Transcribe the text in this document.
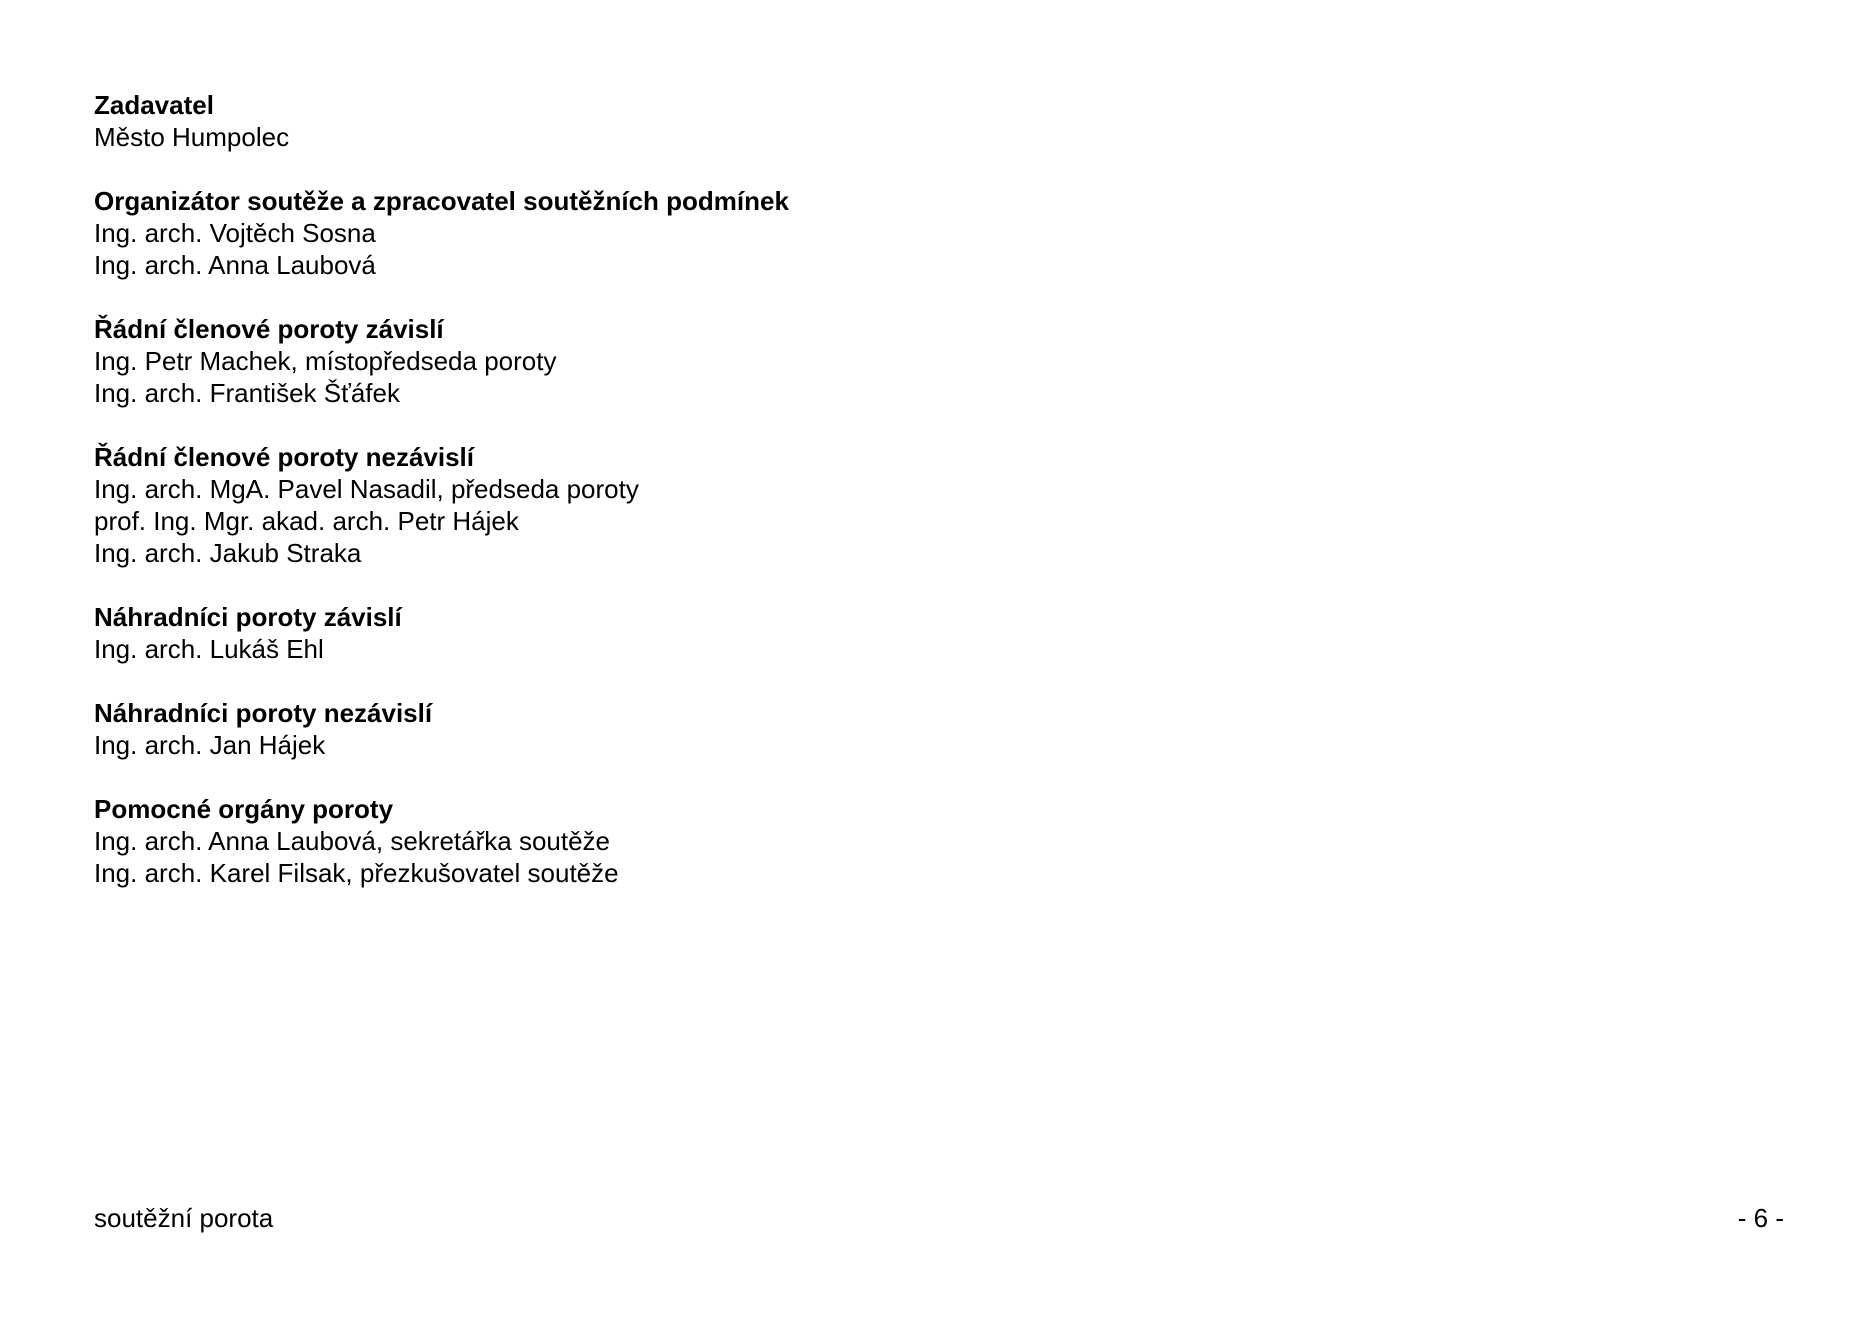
Zadavatel

Město Humpolec

Organizátor soutěže a zpracovatel soutěžních podmínek

Ing. arch. Vojtěch Sosna

Ing. arch. Anna Laubová

Řádní členové poroty závislí

Ing. Petr Machek, místopředseda poroty

Ing. arch. František Šťáfek

Řádní členové poroty nezávislí

Ing. arch. MgA. Pavel Nasadil, předseda poroty

prof. Ing. Mgr. akad. arch. Petr Hájek

Ing. arch. Jakub Straka

Náhradníci poroty závislí

Ing. arch. Lukáš Ehl

Náhradníci poroty nezávislí

Ing. arch. Jan Hájek

Pomocné orgány poroty

Ing. arch. Anna Laubová, sekretářka soutěže

Ing. arch. Karel Filsak, přezkušovatel soutěže

soutěžní porota	- 6 -
